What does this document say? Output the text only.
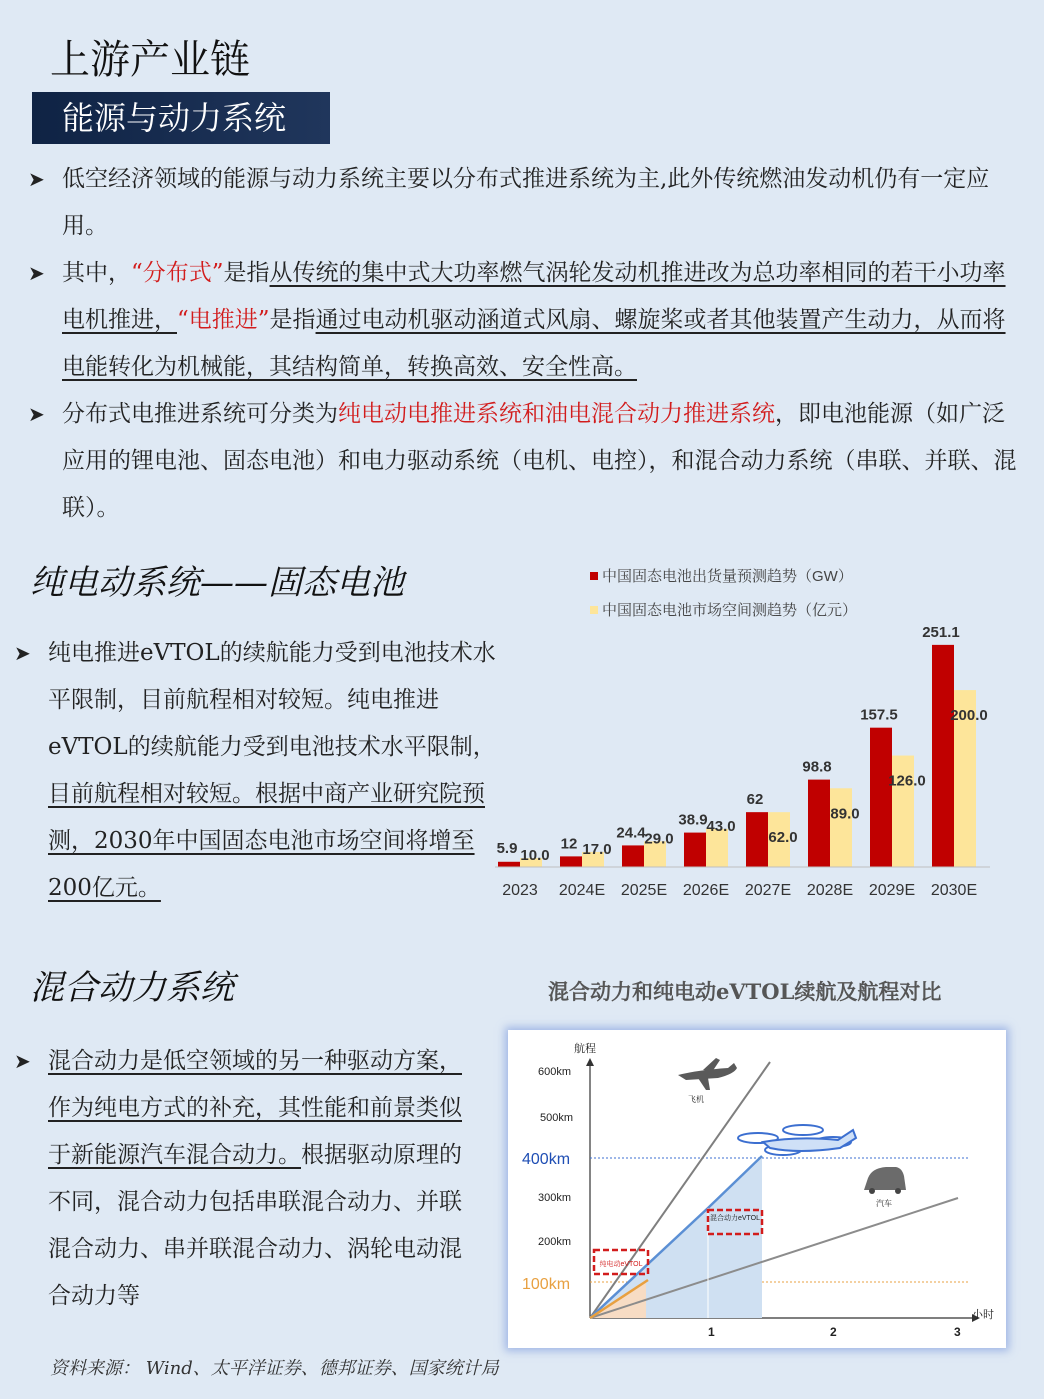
上游产业链
能源与动力系统
➤ 低空经济领域的能源与动力系统主要以分布式推进系统为主,此外传统燃油发动机仍有一定应用。
➤ 其中，“分布式”是指从传统的集中式大功率燃气涡轮发动机推进改为总功率相同的若干小功率电机推进，“电推进”是指通过电动机驱动涵道式风扇、螺旋桨或者其他装置产生动力，从而将电能转化为机械能，其结构简单，转换高效、安全性高。
➤ 分布式电推进系统可分类为纯电动电推进系统和油电混合动力推进系统，即电池能源（如广泛应用的锂电池、固态电池）和电力驱动系统（电机、电控），和混合动力系统（串联、并联、混联）。
纯电动系统——固态电池
➤ 纯电推进eVTOL的续航能力受到电池技术水平限制，目前航程相对较短。纯电推进eVTOL的续航能力受到电池技术水平限制，目前航程相对较短。根据中商产业研究院预测，2030年中国固态电池市场空间将增至200亿元。
中国固态电池出货量预测趋势（GW）
中国固态电池市场空间测趋势（亿元）
5.9 10.0
2023
12 17.0
2024E
24.4
29.0
2025E
38.9
43.0
2026E
62
62.0
2027E
98.8
89.0
2028E
157.5
126.0
2029E
251.1
200.0
2030E
混合动力系统
➤ 混合动力是低空领域的另一种驱动方案，作为纯电方式的补充，其性能和前景类似于新能源汽车混合动力。根据驱动原理的不同，混合动力包括串联混合动力、并联混合动力、串并联混合动力、涡轮电动混合动力等
混合动力和纯电动eVTOL续航及航程对比
航程
小时
600km
500km
400km
300km
200km
100km
1	2	3
飞机
汽车
混合动力eVTOL
纯电动eVTOL
资料来源： Wind、太平洋证券、德邦证券、国家统计局
